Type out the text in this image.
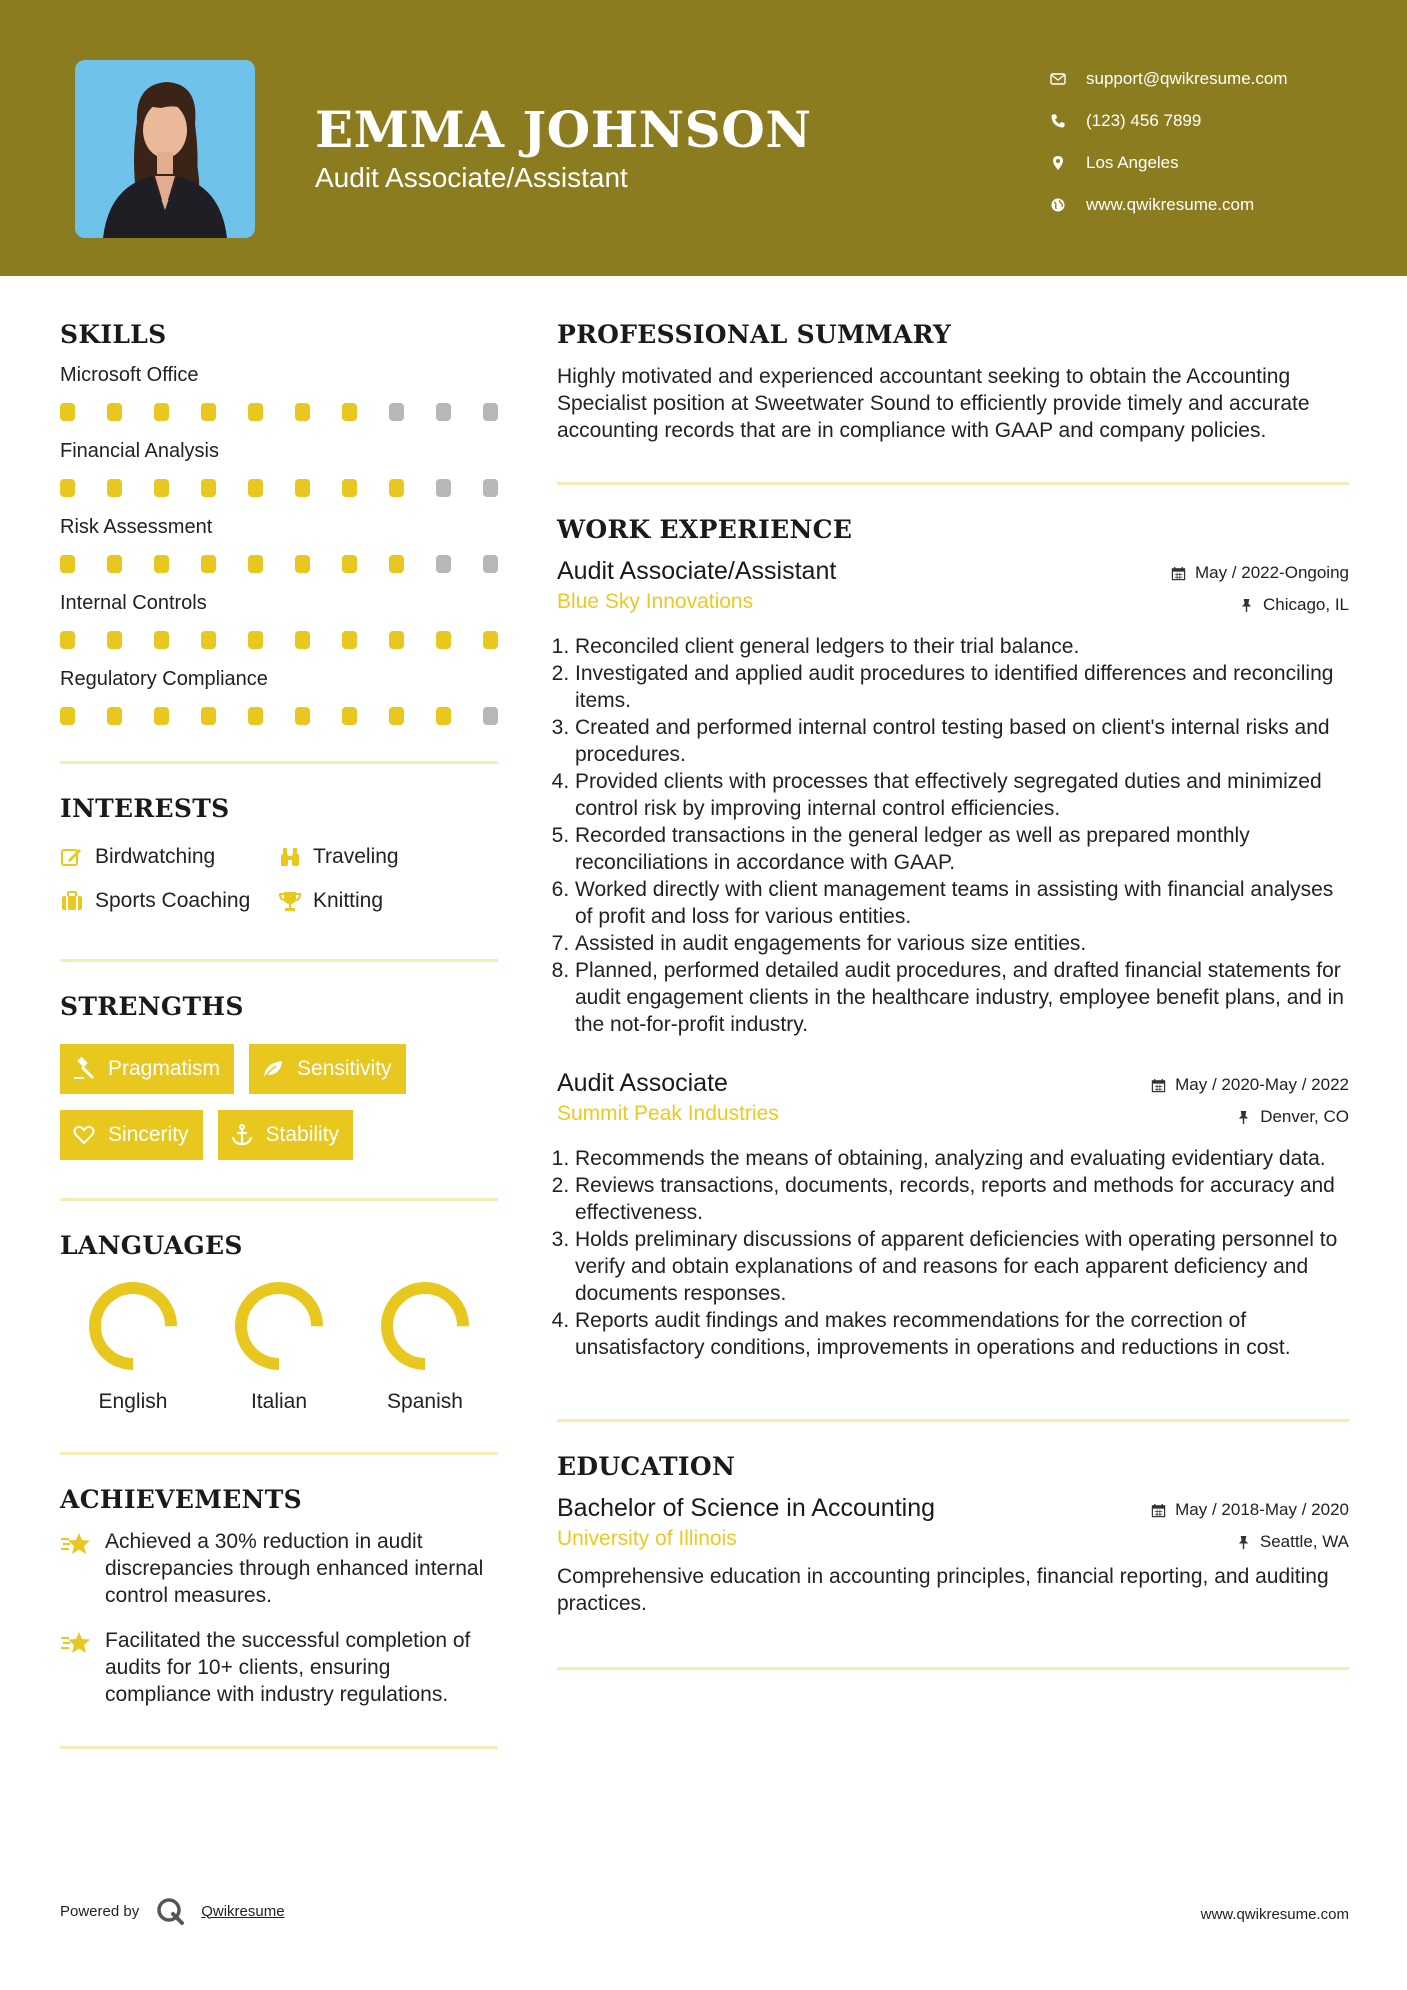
EMMA JOHNSON
Audit Associate/Assistant
support@qwikresume.com
(123) 456 7899
Los Angeles
www.qwikresume.com
SKILLS
Microsoft Office
Financial Analysis
Risk Assessment
Internal Controls
Regulatory Compliance
INTERESTS
Birdwatching	Traveling
Sports Coaching	Knitting
STRENGTHS
Pragmatism	Sensitivity
Sincerity	Stability
LANGUAGES
English	Italian	Spanish
ACHIEVEMENTS
Achieved a 30% reduction in audit discrepancies through enhanced internal control measures.
Facilitated the successful completion of audits for 10+ clients, ensuring compliance with industry regulations.
PROFESSIONAL SUMMARY
Highly motivated and experienced accountant seeking to obtain the Accounting Specialist position at Sweetwater Sound to efficiently provide timely and accurate accounting records that are in compliance with GAAP and company policies.
WORK EXPERIENCE
Audit Associate/Assistant
Blue Sky Innovations
May / 2022-Ongoing
Chicago, IL
1. Reconciled client general ledgers to their trial balance.
2. Investigated and applied audit procedures to identified differences and reconciling items.
3. Created and performed internal control testing based on client's internal risks and procedures.
4. Provided clients with processes that effectively segregated duties and minimized control risk by improving internal control efficiencies.
5. Recorded transactions in the general ledger as well as prepared monthly reconciliations in accordance with GAAP.
6. Worked directly with client management teams in assisting with financial analyses of profit and loss for various entities.
7. Assisted in audit engagements for various size entities.
8. Planned, performed detailed audit procedures, and drafted financial statements for audit engagement clients in the healthcare industry, employee benefit plans, and in the not-for-profit industry.
Audit Associate
Summit Peak Industries
May / 2020-May / 2022
Denver, CO
1. Recommends the means of obtaining, analyzing and evaluating evidentiary data.
2. Reviews transactions, documents, records, reports and methods for accuracy and effectiveness.
3. Holds preliminary discussions of apparent deficiencies with operating personnel to verify and obtain explanations of and reasons for each apparent deficiency and documents responses.
4. Reports audit findings and makes recommendations for the correction of unsatisfactory conditions, improvements in operations and reductions in cost.
EDUCATION
Bachelor of Science in Accounting
University of Illinois
May / 2018-May / 2020
Seattle, WA
Comprehensive education in accounting principles, financial reporting, and auditing practices.
Powered by	Qwikresume	www.qwikresume.com
